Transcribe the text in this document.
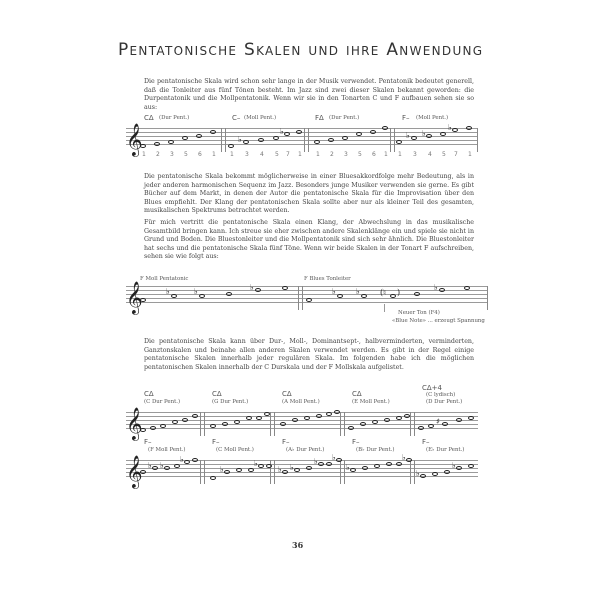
Pentatonische Skalen und ihre Anwendung
Die pentatonische Skala wird schon sehr lange in der Musik verwendet. Pentatonik bedeutet generell, daß die Tonleiter aus fünf Tönen besteht. Im Jazz sind zwei dieser Skalen bekannt geworden: die Durpentatonik und die Mollpentatonik. Wenn wir sie in den Tonarten C und F aufbauen sehen sie so aus:
𝄞
CΔ (Dur Pent.)	C– (Moll Pent.)	FΔ (Dur Pent.)	F– (Moll Pent.)
♭
♭	♭ ♭
♭
1 2 3 5 6 1 1 3 4 5 7 1 1 2 3 5 6 1 1 3 4 5 7 1
Die pentatonische Skala bekommt möglicherweise in einer Bluesakkordfolge mehr Bedeutung, als in jeder anderen harmonischen Sequenz im Jazz. Besonders junge Musiker verwenden sie gerne. Es gibt Bücher auf dem Markt, in denen der Autor die pentatonische Skala für die Improvisation über den Blues empfiehlt. Der Klang der pentatonischen Skala sollte aber nur als kleiner Teil des gesamten, musikalischen Spektrums betrachtet werden.
Für mich vertritt die pentatonische Skala einen Klang, der Abwechslung in das musikalische Gesamtbild bringen kann. Ich streue sie eher zwischen andere Skalenklänge ein und spiele sie nicht in Grund und Boden. Die Bluestonleiter und die Mollpentatonik sind sich sehr ähnlich. Die Bluestonleiter hat sechs und die pentatonische Skala fünf Töne. Wenn wir beide Skalen in der Tonart F aufschreiben, sehen sie wie folgt aus:
𝄞
F Moll Pentatonic	F Blues Tonleiter
♭	♭	♭	♭	♭	(♮ )
♭
Neuer Ton (F4)
«Blue Note» ... erzeugt Spannung
Die pentatonische Skala kann über Dur-, Moll-, Dominantsept-, halbverminderten, verminderten, Ganztonskalen und beinahe allen anderen Skalen verwendet werden. Es gibt in der Regel einige pentatonische Skalen innerhalb jeder regulären Skala. Im folgenden habe ich die möglichen pentatonischen Skalen innerhalb der C Durskala und der F Mollskala aufgelistet.
𝄞
CΔ
(C Dur Pent.)
CΔ
(G Dur Pent.)
CΔ
(A Moll Pent.)
CΔ
(E Moll Pent.)
CΔ+4
(C lydisch)
(D Dur Pent.)
♯
𝄞
F–
(F Moll Pent.)
F–
(C Moll Pent.)
F–
(A♭ Dur Pent.)
F–
(B♭ Dur Pent.)
F–
(E♭ Dur Pent.)
♭ ♭
♭
♭
♭
♭ ♭
♭ ♭
♭
♭
♭
♭
36
